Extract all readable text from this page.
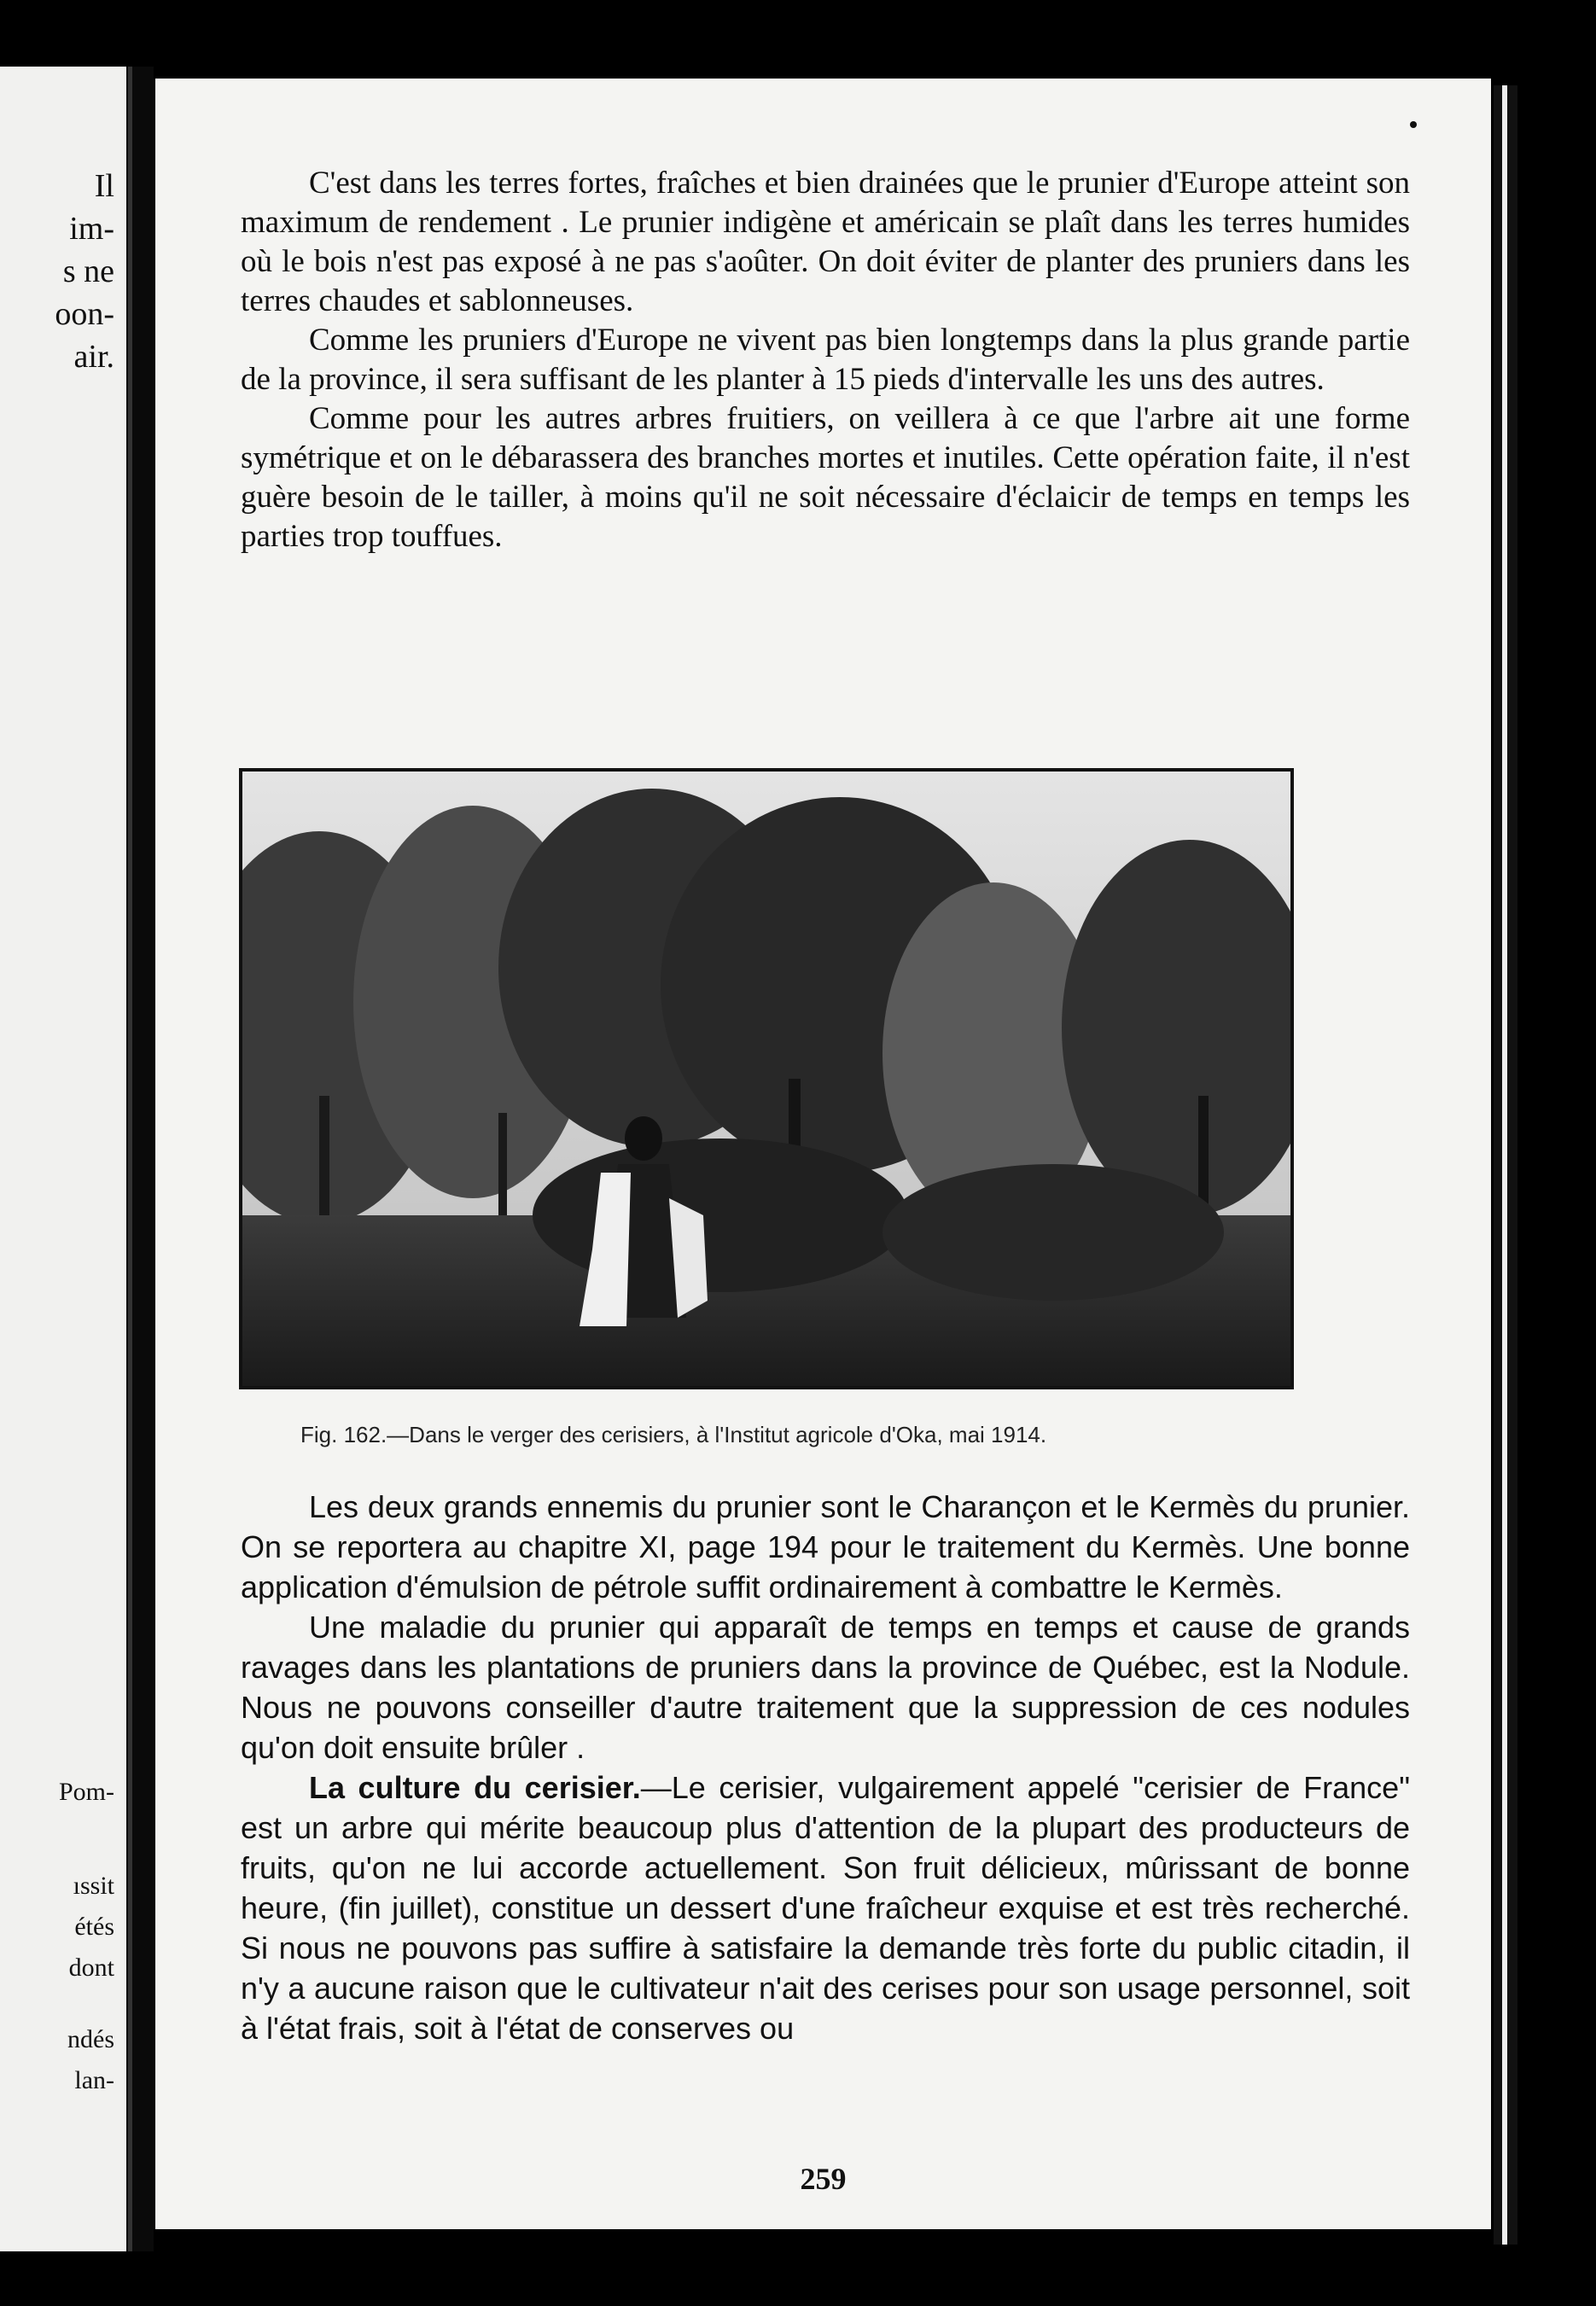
Il
im-
s ne
oon-
air.
Pom-
ıssit
étés
dont
ndés
lan-

C'est dans les terres fortes, fraîches et bien drainées que le prunier d'Europe atteint son maximum de rendement . Le prunier indigène et américain se plaît dans les terres humides où le bois n'est pas exposé à ne pas s'aoûter. On doit éviter de planter des pruniers dans les terres chaudes et sablonneuses.

Comme les pruniers d'Europe ne vivent pas bien longtemps dans la plus grande partie de la province, il sera suffisant de les planter à 15 pieds d'intervalle les uns des autres.

Comme pour les autres arbres fruitiers, on veillera à ce que l'arbre ait une forme symétrique et on le débarassera des branches mortes et inutiles. Cette opération faite, il n'est guère besoin de le tailler, à moins qu'il ne soit nécessaire d'éclaicir de temps en temps les parties trop touffues.

Fig. 162.—Dans le verger des cerisiers, à l'Institut agricole d'Oka, mai 1914.

Les deux grands ennemis du prunier sont le Charançon et le Kermès du prunier. On se reportera au chapitre XI, page 194 pour le traitement du Kermès. Une bonne application d'émulsion de pétrole suffit ordinairement à combattre le Kermès.

Une maladie du prunier qui apparaît de temps en temps et cause de grands ravages dans les plantations de pruniers dans la province de Québec, est la Nodule. Nous ne pouvons conseiller d'autre traitement que la suppression de ces nodules qu'on doit ensuite brûler .

La culture du cerisier.—Le cerisier, vulgairement appelé "cerisier de France" est un arbre qui mérite beaucoup plus d'attention de la plupart des producteurs de fruits, qu'on ne lui accorde actuellement. Son fruit délicieux, mûrissant de bonne heure, (fin juillet), constitue un dessert d'une fraîcheur exquise et est très recherché. Si nous ne pouvons pas suffire à satisfaire la demande très forte du public citadin, il n'y a aucune raison que le cultivateur n'ait des cerises pour son usage personnel, soit à l'état frais, soit à l'état de conserves ou

259
